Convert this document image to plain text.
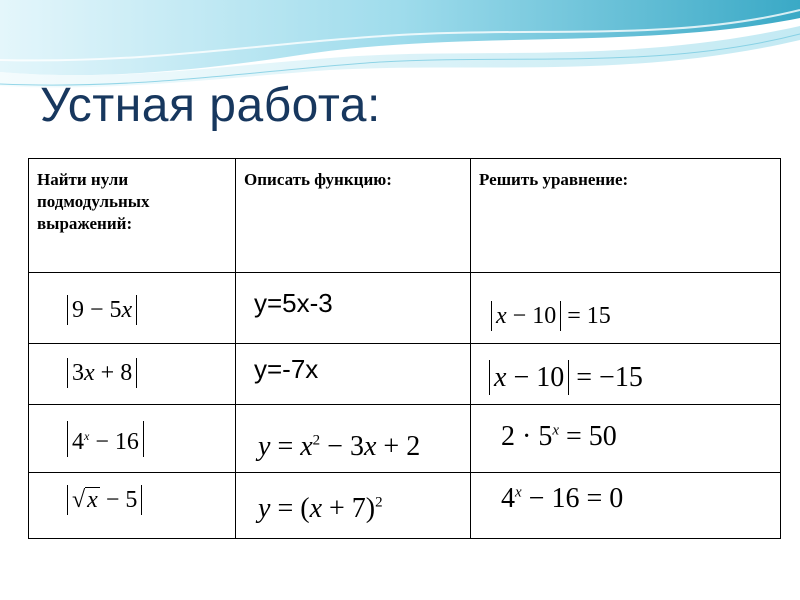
Устная работа:
Найти нули подмодульных выражений:	Описать функцию:	Решить уравнение:

9 − 5x	y=5x-3	x − 10 = 15

3x + 8	y=-7x	x − 10 = −15

$4^x - 16$	$y = x^2 - 3x + 2$	$2 \cdot 5^x = 50$

√x − 5	$y = (x + 7)^2$	$4^x - 16 = 0$
